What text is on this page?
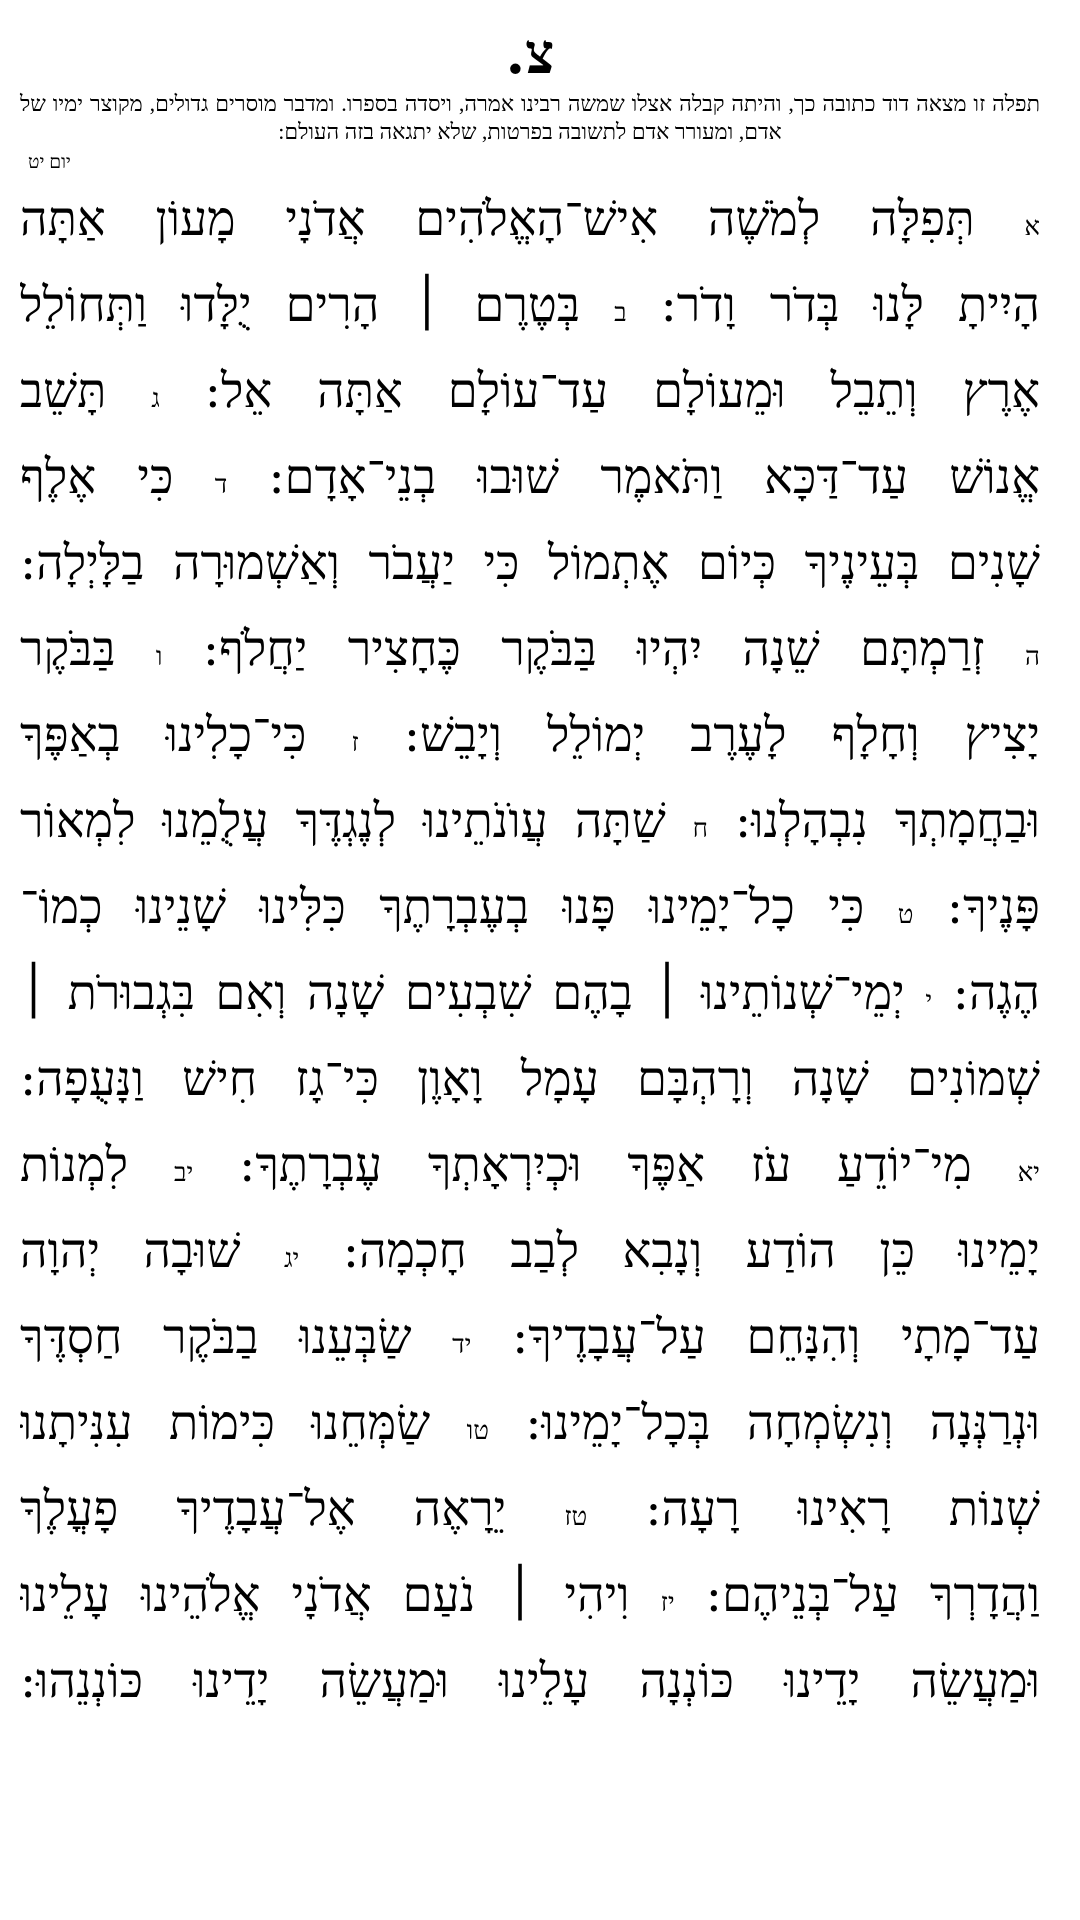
צ.
תפלה זו מצאה דוד כתובה כך, והיתה קבלה אצלו שמשה רבינו אמרה, ויסדה בספרו. ומדבר מוסרים גדולים, מקוצר ימיו של אדם, ומעורר אדם לתשובה בפרטות, שלא יתגאה בזה העולם:
יום יט
א תְּפִלָּה לְמֹשֶׁה אִישׁ־הָאֱלֹהִים אֲדֹנָי מָעוֹן אַתָּה
הָיִיתָ לָּנוּ בְּדֹר וָדֹר: ב בְּטֶרֶם ׀ הָרִים יֻלָּדוּ וַתְּחוֹלֵל
אֶרֶץ וְתֵבֵל וּמֵעוֹלָם עַד־עוֹלָם אַתָּה אֵל: ג תָּשֵׁב
אֱנוֹשׁ עַד־דַּכָּא וַתֹּאמֶר שׁוּבוּ בְנֵי־אָדָם: ד כִּי אֶלֶף
שָׁנִים בְּעֵינֶיךָ כְּיוֹם אֶתְמוֹל כִּי יַעֲבֹר וְאַשְׁמוּרָה בַלָּיְלָה:
ה זְרַמְתָּם שֵׁנָה יִהְיוּ בַּבֹּקֶר כֶּחָצִיר יַחֲלֹף: ו בַּבֹּקֶר
יָצִיץ וְחָלָף לָעֶרֶב יְמוֹלֵל וְיָבֵשׁ: ז כִּי־כָלִינוּ בְאַפֶּךָ
וּבַחֲמָתְךָ נִבְהָלְנוּ: ח שַׁתָּה עֲוֺנֹתֵינוּ לְנֶגְדֶּךָ עֲלֻמֵנוּ לִמְאוֹר
פָּנֶיךָ: ט כִּי כָל־יָמֵינוּ פָּנוּ בְעֶבְרָתֶךָ כִּלִּינוּ שָׁנֵינוּ כְמוֹ־
הֶגֶה: י יְמֵי־שְׁנוֹתֵינוּ ׀ בָהֶם שִׁבְעִים שָׁנָה וְאִם בִּגְבוּרֹת ׀
שְׁמוֹנִים שָׁנָה וְרָהְבָּם עָמָל וָאָוֶן כִּי־גָז חִישׁ וַנָּעֻפָה:
יא מִי־יוֹדֵעַ עֹז אַפֶּךָ וּכְיִרְאָתְךָ עֶבְרָתֶךָ: יב לִמְנוֹת
יָמֵינוּ כֵּן הוֹדַע וְנָבִא לְבַב חָכְמָה: יג שׁוּבָה יְהוָה
עַד־מָתָי וְהִנָּחֵם עַל־עֲבָדֶיךָ: יד שַׂבְּעֵנוּ בַבֹּקֶר חַסְדֶּךָ
וּנְרַנְּנָה וְנִשְׂמְחָה בְּכָל־יָמֵינוּ: טו שַׂמְּחֵנוּ כִּימוֹת עִנִּיתָנוּ
שְׁנוֹת רָאִינוּ רָעָה: טז יֵרָאֶה אֶל־עֲבָדֶיךָ פָעֳלֶךָ
וַהֲדָרְךָ עַל־בְּנֵיהֶם: יז וִיהִי ׀ נֹעַם אֲדֹנָי אֱלֹהֵינוּ עָלֵינוּ
וּמַעֲשֵׂה יָדֵינוּ כּוֹנְנָה עָלֵינוּ וּמַעֲשֵׂה יָדֵינוּ כּוֹנְנֵהוּ:
